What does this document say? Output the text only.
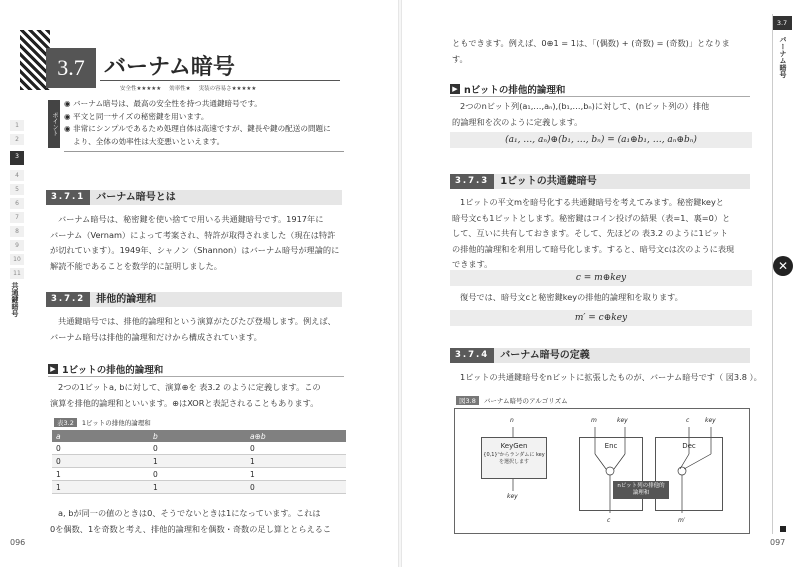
3.7 バーナム暗号
安全性★★★★★ 効率性★ 実装の容易さ★★★★★
ポイント
◉ バーナム暗号は、最高の安全性を持つ共通鍵暗号です。
◉ 平文と同一サイズの秘密鍵を用います。
◉ 非常にシンプルであるため処理自体は高速ですが、鍵長や鍵の配送の問題に
より、全体の効率性は大変悪いといえます。
1
2
3
4
5
6
7
8
9
10
11
共通鍵暗号
3.7.1	バーナム暗号とは
バーナム暗号は、秘密鍵を使い捨てで用いる共通鍵暗号です。1917年に
バーナム（Vernam）によって考案され、特許が取得されました（現在は特許
が切れています）。1949年、シャノン（Shannon）はバーナム暗号が理論的に
解読不能であることを数学的に証明しました。
3.7.2	排他的論理和
共通鍵暗号では、排他的論理和という演算がたびたび登場します。例えば、
バーナム暗号は排他的論理和だけから構成されています。
▶ 1ビットの排他的論理和
2つの1ビットa, bに対して、演算⊕を 表3.2 のように定義します。この
演算を排他的論理和といいます。⊕はXORと表記されることもあります。
表3.2	1ビットの排他的論理和
a	b	a⊕b
0	0	0
0	1	1
1	0	1
1	1	0
a, bが同一の値のときは0、そうでないときは1になっています。これは
0を偶数、1を奇数と考え、排他的論理和を偶数・奇数の足し算ととらえるこ
096
ともできます。例えば、0⊕1 = 1は、「(偶数) + (奇数) = (奇数)」となりま
す。
▶ nビットの排他的論理和
2つのnビット列(a₁,…,aₙ),(b₁,…,bₙ)に対して、(nビット列の）排他
的論理和を次のように定義します。
(a₁, …, aₙ)⊕(b₁, …, bₙ) = (a₁⊕b₁, …, aₙ⊕bₙ)
3.7.3	1ビットの共通鍵暗号
1ビットの平文mを暗号化する共通鍵暗号を考えてみます。秘密鍵keyと
暗号文cも1ビットとします。秘密鍵はコイン投げの結果（表=1、裏=0）と
して、互いに共有しておきます。そして、先ほどの 表3.2 のように1ビット
の排他的論理和を利用して暗号化します。すると、暗号文cは次のように表現
できます。
c = m⊕key
復号では、暗号文cと秘密鍵keyの排他的論理和を取ります。
m′ = c⊕key
3.7.4	バーナム暗号の定義
1ビットの共通鍵暗号をnビットに拡張したものが、バーナム暗号です（ 図3.8 ）。
図3.8	バーナム暗号のアルゴリズム
n
KeyGen
{0,1}ⁿからランダムに key を選択します
key
m	key
Enc
c
c	key
Dec
m′
nビット列の排他的論理和
3.7
バーナム暗号
✕
097
